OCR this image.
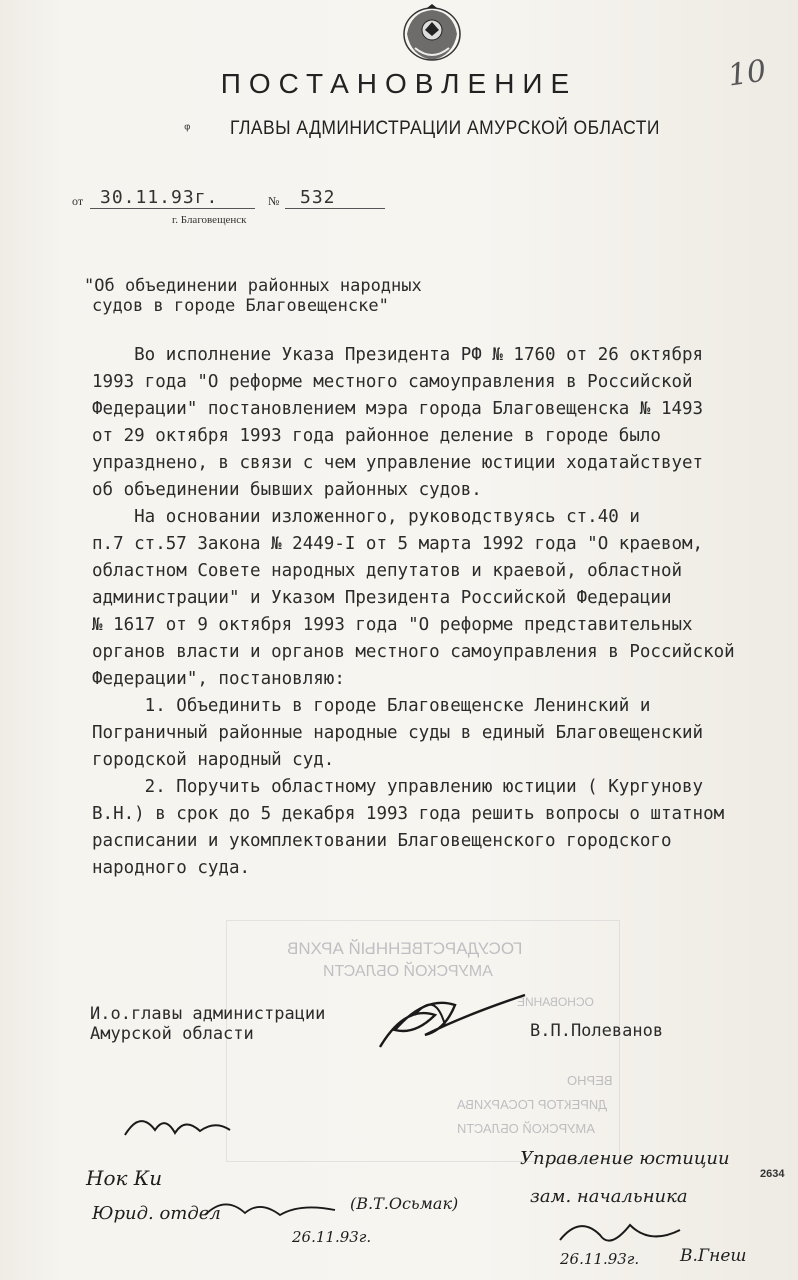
10
ПОСТАНОВЛЕНИЕ
ᵠ ГЛАВЫ АДМИНИСТРАЦИИ АМУРСКОЙ ОБЛАСТИ
от 30.11.93г.	№ 532
г. Благовещенск
"Об объединении районных народных
судов в городе Благовещенске"
Во исполнение Указа Президента РФ № 1760 от 26 октября
1993 года "О реформе местного самоуправления в Российской
Федерации" постановлением мэра города Благовещенска № 1493
от 29 октября 1993 года районное деление в городе было
упразднено, в связи с чем управление юстиции ходатайствует
об объединении бывших районных судов.
На основании изложенного, руководствуясь ст.40 и
п.7 ст.57 Закона № 2449-I от 5 марта 1992 года "О краевом,
областном Совете народных депутатов и краевой, областной
администрации" и Указом Президента Российской Федерации
№ 1617 от 9 октября 1993 года "О реформе представительных
органов власти и органов местного самоуправления в Российской
Федерации", постановляю:
1. Объединить в городе Благовещенске Ленинский и
Пограничный районные народные суды в единый Благовещенский
городской народный суд.
2. Поручить областному управлению юстиции ( Кургунову
В.Н.) в срок до 5 декабря 1993 года решить вопросы о штатном
расписании и укомплектовании Благовещенского городского
народного суда.
ГОСУДАРСТВЕННЫЙ АРХИВ
АМУРСКОЙ ОБЛАСТИ
ОСНОВАНИЕ
ВЕРНО
ДИРЕКТОР ГОСАРХИВА
АМУРСКОЙ ОБЛАСТИ
И.о.главы администрации
Амурской области	В.П.Полеванов
Нок Ки
Юрид. отдел	(В.Т.Осьмак)
26.11.93г.
Управление юстиции
2634
зам. начальника
26.11.93г. В.Гнеш
